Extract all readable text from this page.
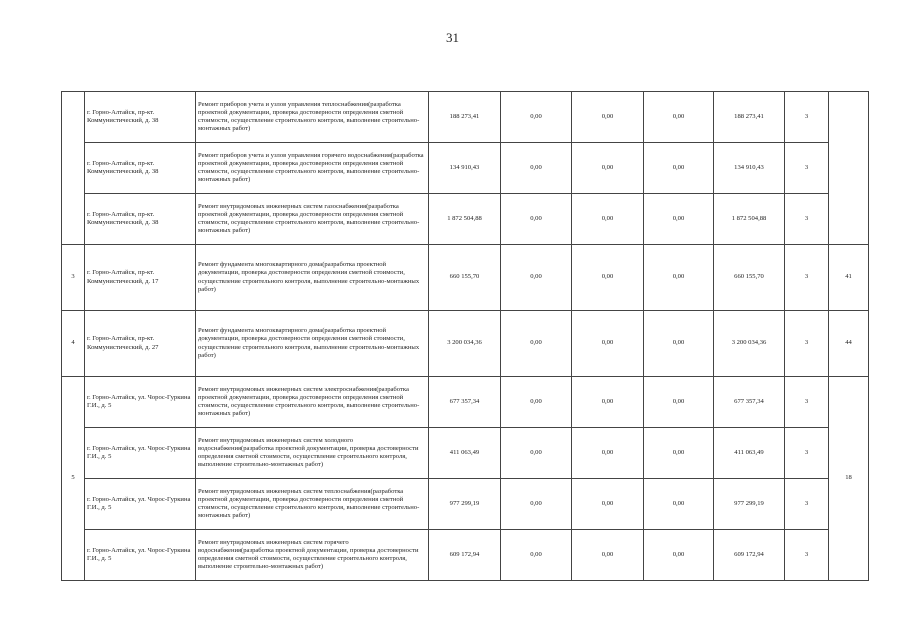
31
	г. Горно-Алтайск, пр-кт. Коммунистический, д. 38	Ремонт приборов учета и узлов управления теплоснабжения(разработка проектной документации, проверка достоверности определения сметной стоимости, осуществление строительного контроля, выполнение строительно-монтажных работ)	188 273,41	0,00	0,00	0,00	188 273,41	3	
	г. Горно-Алтайск, пр-кт. Коммунистический, д. 38	Ремонт приборов учета и узлов управления горячего водоснабжения(разработка проектной документации, проверка достоверности определения сметной стоимости, осуществление строительного контроля, выполнение строительно-монтажных работ)	134 910,43	0,00	0,00	0,00	134 910,43	3	
	г. Горно-Алтайск, пр-кт. Коммунистический, д. 38	Ремонт внутридомовых инженерных систем газоснабжения(разработка проектной документации, проверка достоверности определения сметной стоимости, осуществление строительного контроля, выполнение строительно-монтажных работ)	1 872 504,88	0,00	0,00	0,00	1 872 504,88	3	
3	г. Горно-Алтайск, пр-кт. Коммунистический, д. 17	Ремонт фундамента многоквартирного дома(разработка проектной документации, проверка достоверности определения сметной стоимости, осуществление строительного контроля, выполнение строительно-монтажных работ)	660 155,70	0,00	0,00	0,00	660 155,70	3	41
4	г. Горно-Алтайск, пр-кт. Коммунистический, д. 27	Ремонт фундамента многоквартирного дома(разработка проектной документации, проверка достоверности определения сметной стоимости, осуществление строительного контроля, выполнение строительно-монтажных работ)	3 200 034,36	0,00	0,00	0,00	3 200 034,36	3	44
5	г. Горно-Алтайск, ул. Чорос-Гуркина Г.И., д. 5	Ремонт внутридомовых инженерных систем электроснабжения(разработка проектной документации, проверка достоверности определения сметной стоимости, осуществление строительного контроля, выполнение строительно-монтажных работ)	677 357,34	0,00	0,00	0,00	677 357,34	3	18
	г. Горно-Алтайск, ул. Чорос-Гуркина Г.И., д. 5	Ремонт внутридомовых инженерных систем холодного водоснабжения(разработка проектной документации, проверка достоверности определения сметной стоимости, осуществление строительного контроля, выполнение строительно-монтажных работ)	411 063,49	0,00	0,00	0,00	411 063,49	3	
	г. Горно-Алтайск, ул. Чорос-Гуркина Г.И., д. 5	Ремонт внутридомовых инженерных систем теплоснабжения(разработка проектной документации, проверка достоверности определения сметной стоимости, осуществление строительного контроля, выполнение строительно-монтажных работ)	977 299,19	0,00	0,00	0,00	977 299,19	3	
	г. Горно-Алтайск, ул. Чорос-Гуркина Г.И., д. 5	Ремонт внутридомовых инженерных систем горячего водоснабжения(разработка проектной документации, проверка достоверности определения сметной стоимости, осуществление строительного контроля, выполнение строительно-монтажных работ)	609 172,94	0,00	0,00	0,00	609 172,94	3	
